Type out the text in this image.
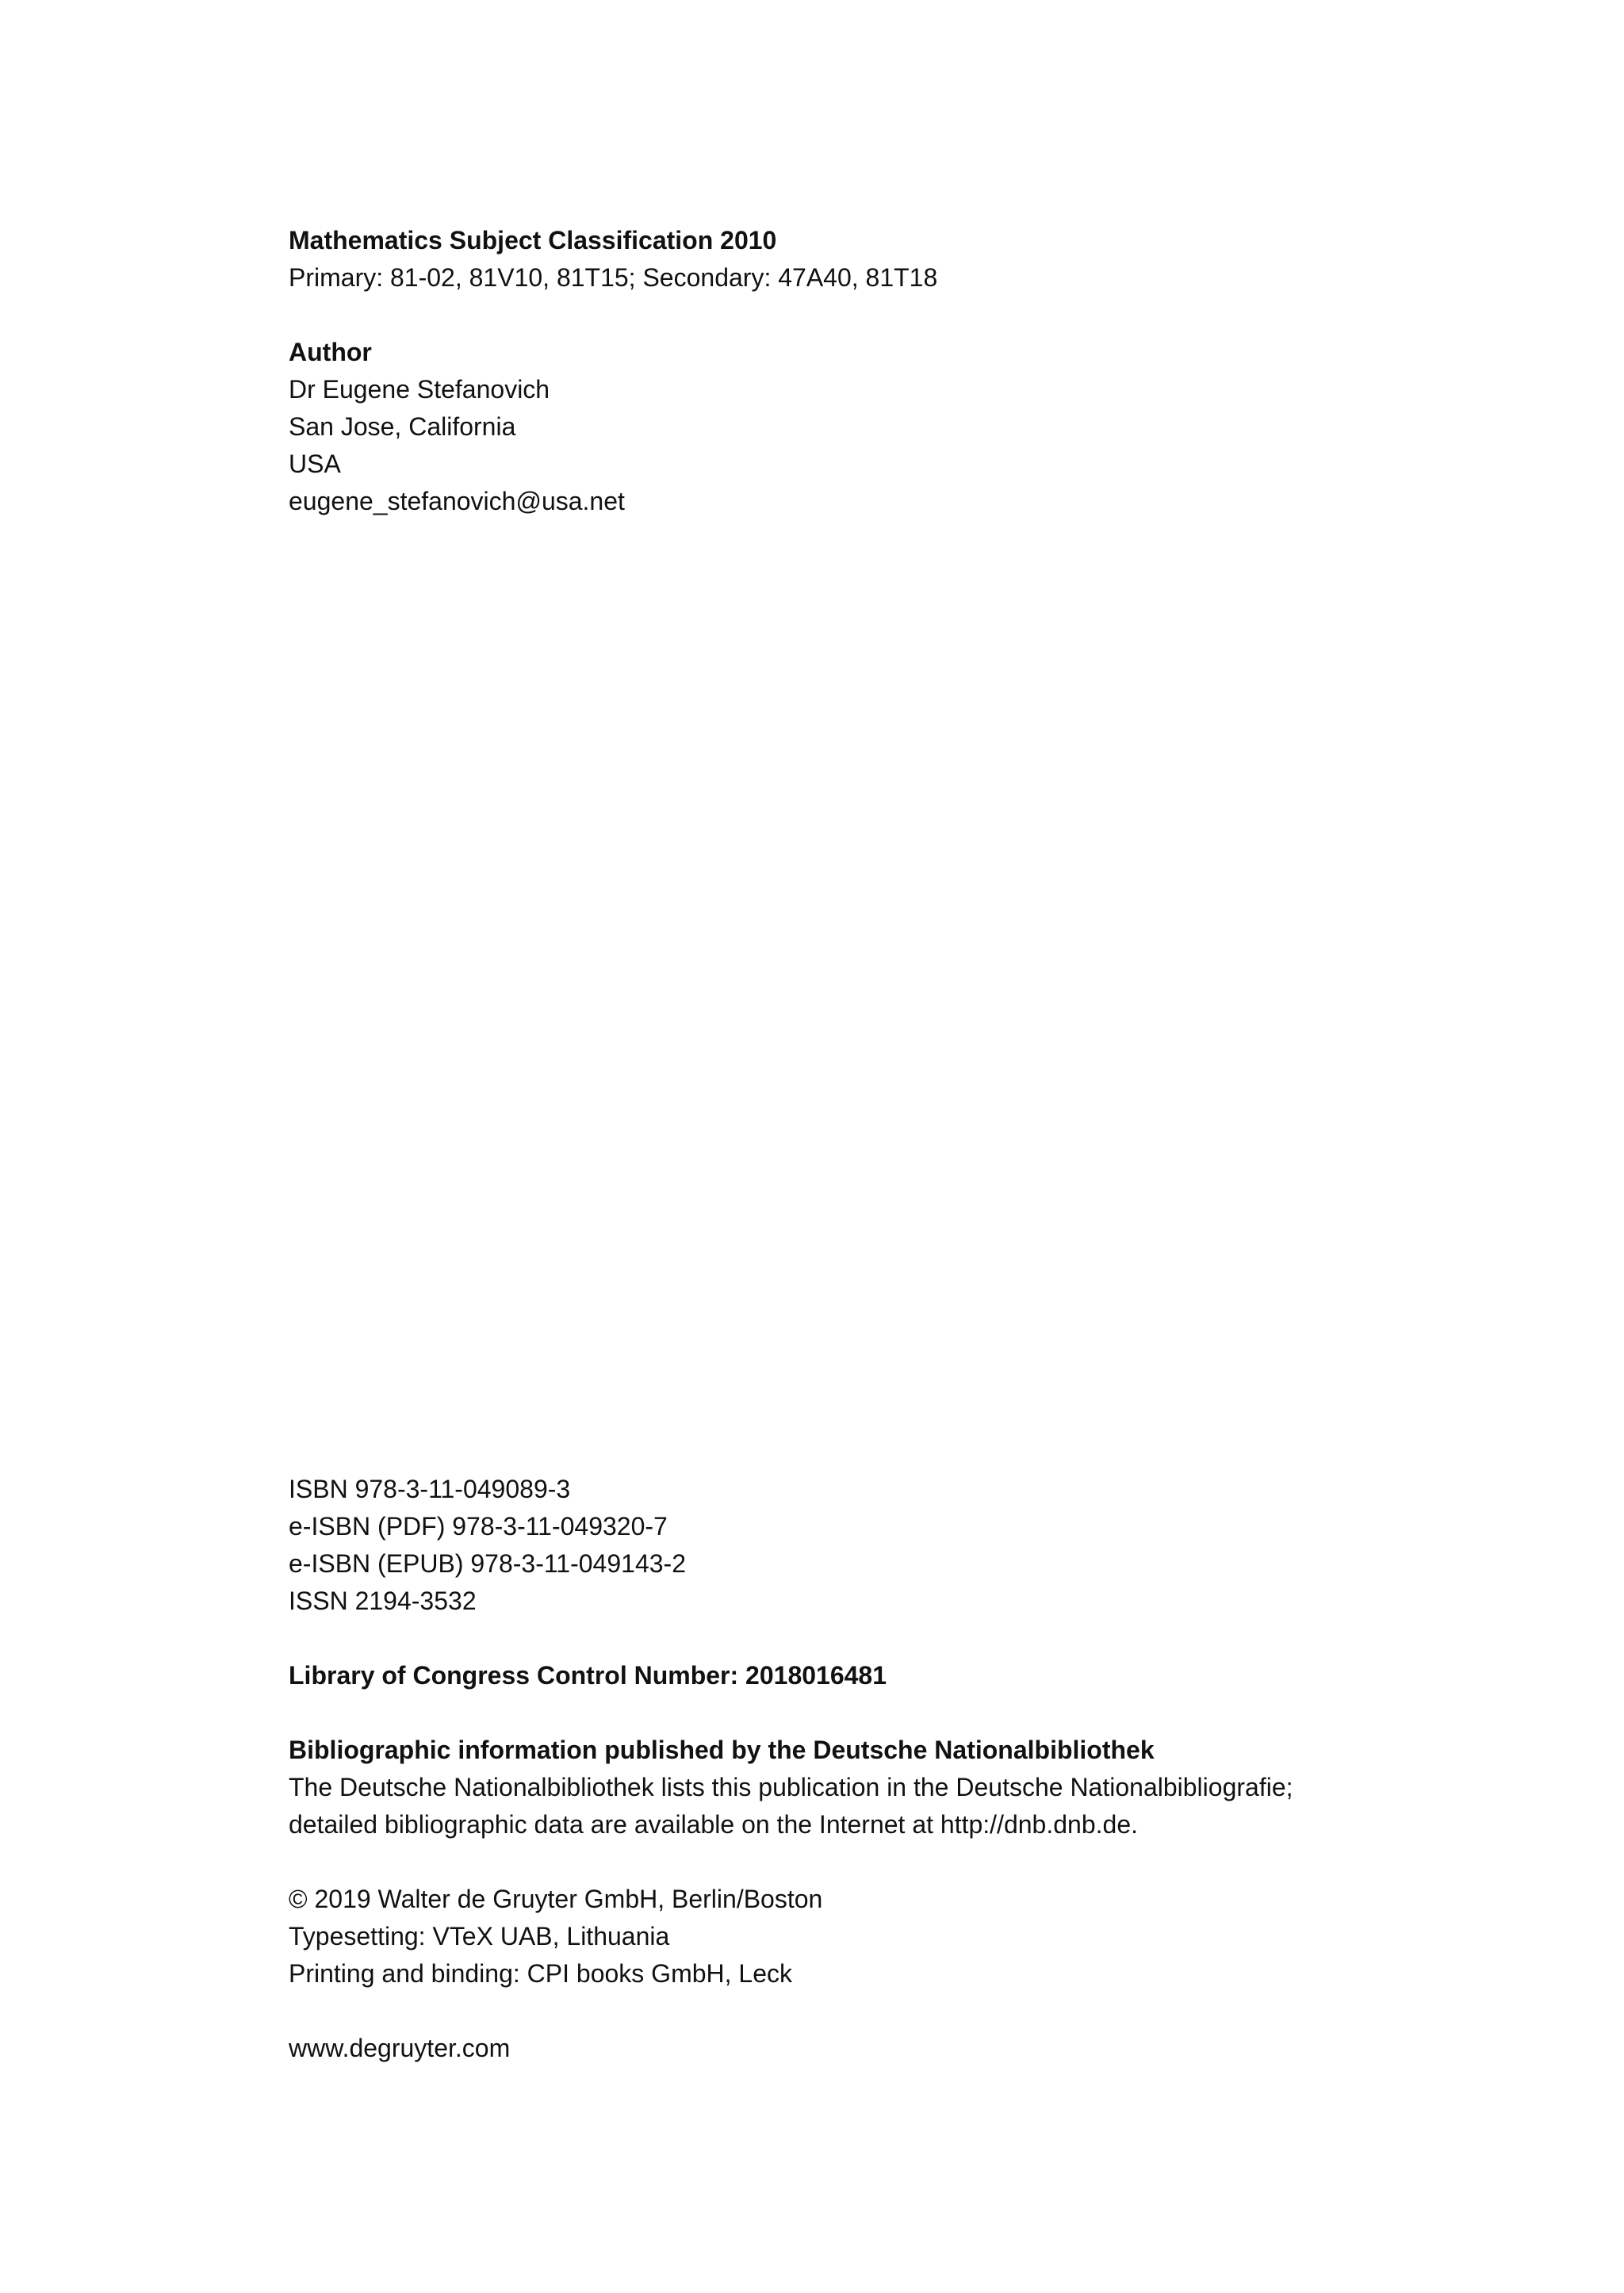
Mathematics Subject Classification 2010
Primary: 81-02, 81V10, 81T15; Secondary: 47A40, 81T18
Author
Dr Eugene Stefanovich
San Jose, California
USA
eugene_stefanovich@usa.net
ISBN 978-3-11-049089-3
e-ISBN (PDF) 978-3-11-049320-7
e-ISBN (EPUB) 978-3-11-049143-2
ISSN 2194-3532
Library of Congress Control Number: 2018016481
Bibliographic information published by the Deutsche Nationalbibliothek
The Deutsche Nationalbibliothek lists this publication in the Deutsche Nationalbibliografie;
detailed bibliographic data are available on the Internet at http://dnb.dnb.de.
© 2019 Walter de Gruyter GmbH, Berlin/Boston
Typesetting: VTeX UAB, Lithuania
Printing and binding: CPI books GmbH, Leck
www.degruyter.com
